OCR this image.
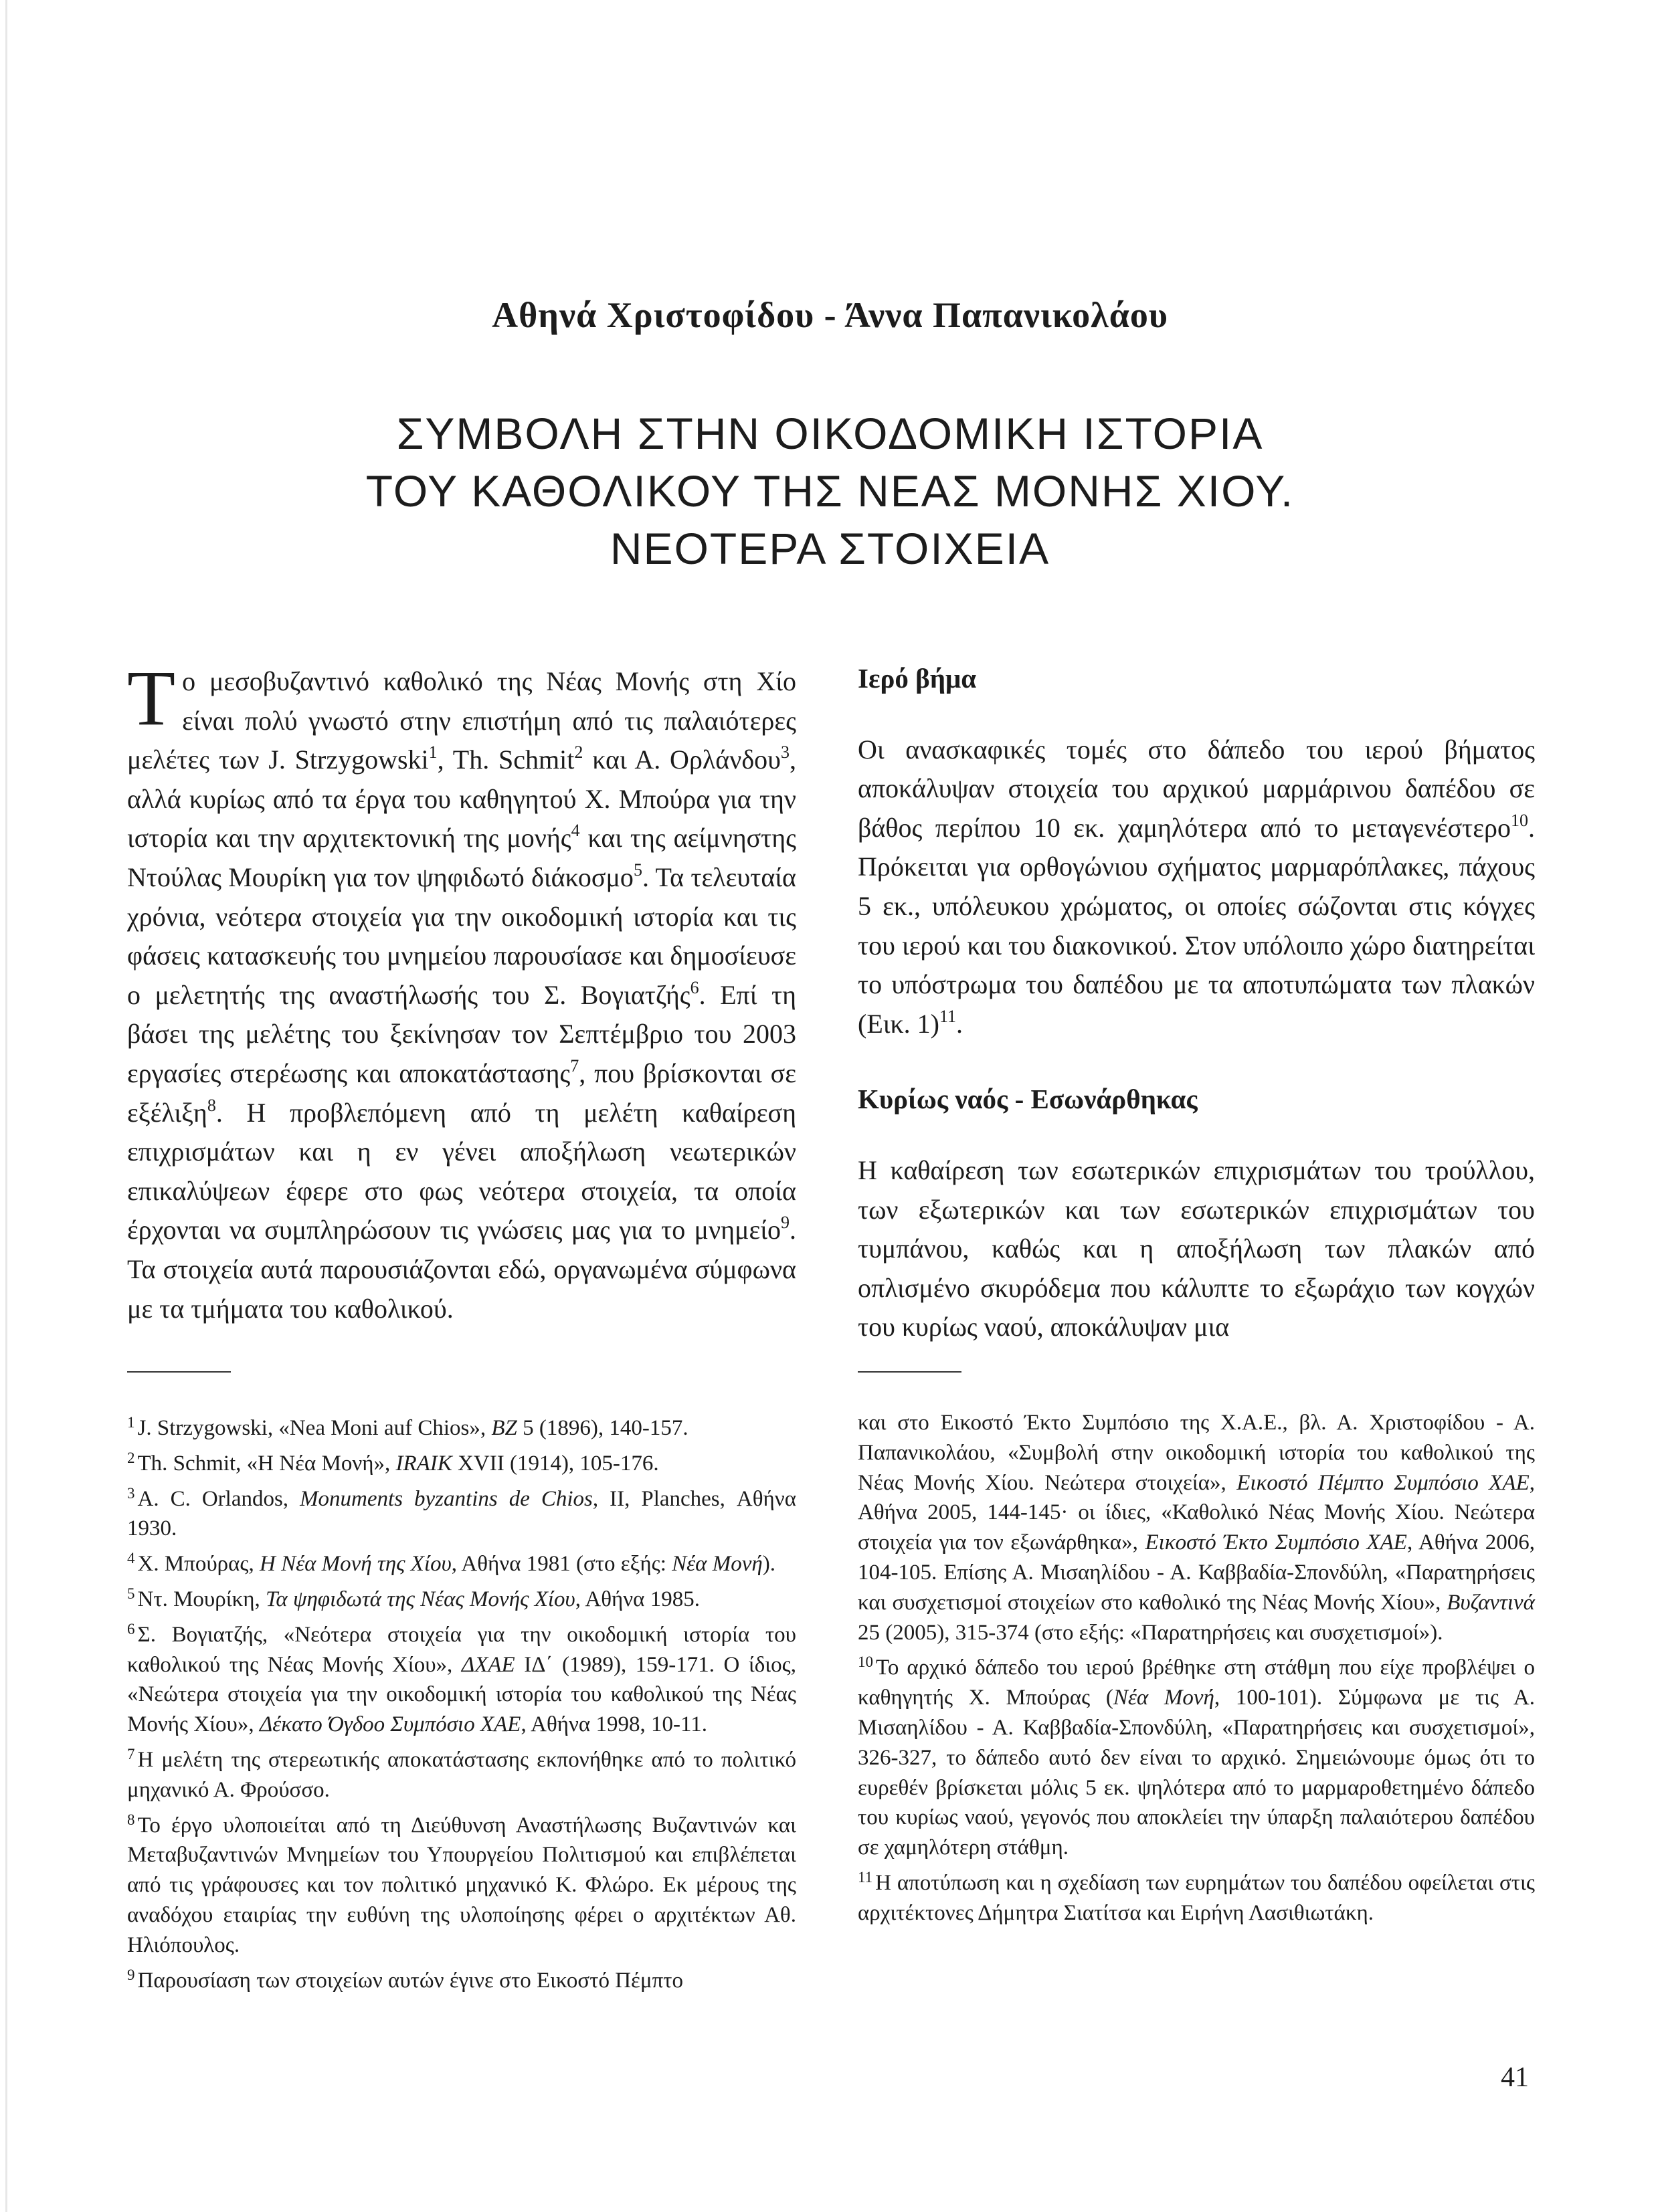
Αθηνά Χριστοφίδου - Άννα Παπανικολάου
ΣΥΜΒΟΛΗ ΣΤΗΝ ΟΙΚΟΔΟΜΙΚΗ ΙΣΤΟΡΙΑ
ΤΟΥ ΚΑΘΟΛΙΚΟΥ ΤΗΣ ΝΕΑΣ ΜΟΝΗΣ ΧΙΟΥ.
ΝΕΟΤΕΡΑ ΣΤΟΙΧΕΙΑ

Το μεσοβυζαντινό καθολικό της Νέας Μονής στη Χίο είναι πολύ γνωστό στην επιστήμη από τις παλαιότερες μελέτες των J. Strzygowski$^1$, Th. Schmit$^2$ και Α. Ορλάνδου$^3$, αλλά κυρίως από τα έργα του καθηγητού Χ. Μπούρα για την ιστορία και την αρχιτεκτονική της μονής$^4$ και της αείμνηστης Ντούλας Μουρίκη για τον ψηφιδωτό διάκοσμο$^5$. Τα τελευταία χρόνια, νεότερα στοιχεία για την οικοδομική ιστορία και τις φάσεις κατασκευής του μνημείου παρουσίασε και δημοσίευσε ο μελετητής της αναστήλωσής του Σ. Βογιατζής$^6$. Επί τη βάσει της μελέτης του ξεκίνησαν τον Σεπτέμβριο του 2003 εργασίες στερέωσης και αποκατάστασης$^7$, που βρίσκονται σε εξέλιξη$^8$. Η προβλεπόμενη από τη μελέτη καθαίρεση επιχρισμάτων και η εν γένει αποξήλωση νεωτερικών επικαλύψεων έφερε στο φως νεότερα στοιχεία, τα οποία έρχονται να συμπληρώσουν τις γνώσεις μας για το μνημείο$^9$. Τα στοιχεία αυτά παρουσιάζονται εδώ, οργανωμένα σύμφωνα με τα τμήματα του καθολικού.

Ιερό βήμα

Οι ανασκαφικές τομές στο δάπεδο του ιερού βήματος αποκάλυψαν στοιχεία του αρχικού μαρμάρινου δαπέδου σε βάθος περίπου 10 εκ. χαμηλότερα από το μεταγενέστερο$^{10}$. Πρόκειται για ορθογώνιου σχήματος μαρμαρόπλακες, πάχους 5 εκ., υπόλευκου χρώματος, οι οποίες σώζονται στις κόγχες του ιερού και του διακονικού. Στον υπόλοιπο χώρο διατηρείται το υπόστρωμα του δαπέδου με τα αποτυπώματα των πλακών (Εικ. 1)$^{11}$.

Κυρίως ναός - Εσωνάρθηκας

Η καθαίρεση των εσωτερικών επιχρισμάτων του τρούλλου, των εξωτερικών και των εσωτερικών επιχρισμάτων του τυμπάνου, καθώς και η αποξήλωση των πλακών από οπλισμένο σκυρόδεμα που κάλυπτε το εξωράχιο των κογχών του κυρίως ναού, αποκάλυψαν μια

$^1$ J. Strzygowski, «Nea Moni auf Chios», BZ 5 (1896), 140-157.

$^2$ Th. Schmit, «Η Νέα Μονή», IRAIK XVII (1914), 105-176.

$^3$ A. C. Orlandos, Monuments byzantins de Chios, II, Planches, Αθήνα 1930.

$^4$ Χ. Μπούρας, Η Νέα Μονή της Χίου, Αθήνα 1981 (στο εξής: Νέα Μονή).

$^5$ Ντ. Μουρίκη, Τα ψηφιδωτά της Νέας Μονής Χίου, Αθήνα 1985.

$^6$ Σ. Βογιατζής, «Νεότερα στοιχεία για την οικοδομική ιστορία του καθολικού της Νέας Μονής Χίου», ΔΧΑΕ ΙΔ΄ (1989), 159-171. Ο ίδιος, «Νεώτερα στοιχεία για την οικοδομική ιστορία του καθολικού της Νέας Μονής Χίου», Δέκατο Όγδοο Συμπόσιο ΧΑΕ, Αθήνα 1998, 10-11.

$^7$ Η μελέτη της στερεωτικής αποκατάστασης εκπονήθηκε από το πολιτικό μηχανικό Α. Φρούσσο.

$^8$ Το έργο υλοποιείται από τη Διεύθυνση Αναστήλωσης Βυζαντινών και Μεταβυζαντινών Μνημείων του Υπουργείου Πολιτισμού και επιβλέπεται από τις γράφουσες και τον πολιτικό μηχανικό Κ. Φλώρο. Εκ μέρους της αναδόχου εταιρίας την ευθύνη της υλοποίησης φέρει ο αρχιτέκτων Αθ. Ηλιόπουλος.

$^9$ Παρουσίαση των στοιχείων αυτών έγινε στο Εικοστό Πέμπτο

και στο Εικοστό Έκτο Συμπόσιο της Χ.Α.Ε., βλ. Α. Χριστοφίδου - Α. Παπανικολάου, «Συμβολή στην οικοδομική ιστορία του καθολικού της Νέας Μονής Χίου. Νεώτερα στοιχεία», Εικοστό Πέμπτο Συμπόσιο ΧΑΕ, Αθήνα 2005, 144-145· οι ίδιες, «Καθολικό Νέας Μονής Χίου. Νεώτερα στοιχεία για τον εξωνάρθηκα», Εικοστό Έκτο Συμπόσιο ΧΑΕ, Αθήνα 2006, 104-105. Επίσης Α. Μισαηλίδου - Α. Καββαδία-Σπονδύλη, «Παρατηρήσεις και συσχετισμοί στοιχείων στο καθολικό της Νέας Μονής Χίου», Βυζαντινά 25 (2005), 315-374 (στο εξής: «Παρατηρήσεις και συσχετισμοί»).

$^{10}$ Το αρχικό δάπεδο του ιερού βρέθηκε στη στάθμη που είχε προβλέψει ο καθηγητής Χ. Μπούρας (Νέα Μονή, 100-101). Σύμφωνα με τις Α. Μισαηλίδου - Α. Καββαδία-Σπονδύλη, «Παρατηρήσεις και συσχετισμοί», 326-327, το δάπεδο αυτό δεν είναι το αρχικό. Σημειώνουμε όμως ότι το ευρεθέν βρίσκεται μόλις 5 εκ. ψηλότερα από το μαρμαροθετημένο δάπεδο του κυρίως ναού, γεγονός που αποκλείει την ύπαρξη παλαιότερου δαπέδου σε χαμηλότερη στάθμη.

$^{11}$ Η αποτύπωση και η σχεδίαση των ευρημάτων του δαπέδου οφείλεται στις αρχιτέκτονες Δήμητρα Σιατίτσα και Ειρήνη Λασιθιωτάκη.

41
